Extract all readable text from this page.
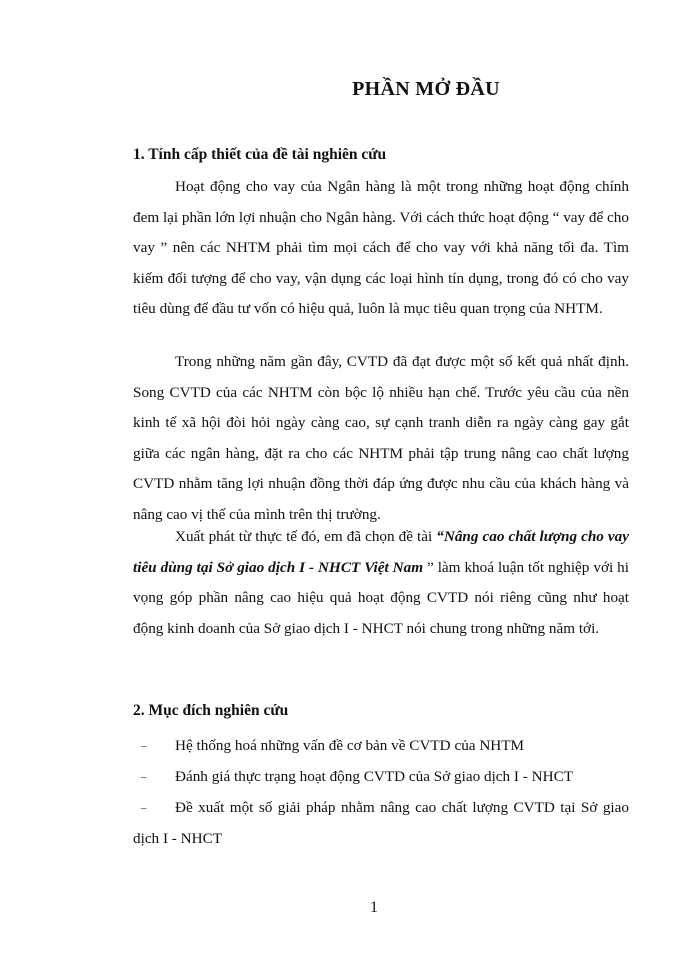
PHẦN MỞ ĐẦU
1. Tính cấp thiết của đề tài nghiên cứu

Hoạt động cho vay của Ngân hàng là một trong những hoạt động chính đem lại phần lớn lợi nhuận cho Ngân hàng. Với cách thức hoạt động “ vay để cho vay ” nên các NHTM phải tìm mọi cách để cho vay với khả năng tối đa. Tìm kiếm đối tượng để cho vay, vận dụng các loại hình tín dụng, trong đó có cho vay tiêu dùng để đầu tư vốn có hiệu quả, luôn là mục tiêu quan trọng của NHTM.

Trong những năm gần đây, CVTD đã đạt được một số kết quả nhất định. Song CVTD của các NHTM còn bộc lộ nhiều hạn chế. Trước yêu cầu của nền kinh tế xã hội đòi hỏi ngày càng cao, sự cạnh tranh diễn ra ngày càng gay gắt giữa các ngân hàng, đặt ra cho các NHTM phải tập trung nâng cao chất lượng CVTD nhằm tăng lợi nhuận đồng thời đáp ứng được nhu cầu của khách hàng và nâng cao vị thế của mình trên thị trường.

Xuất phát từ thực tế đó, em đã chọn đề tài “Nâng cao chất lượng cho vay tiêu dùng tại Sở giao dịch I - NHCT Việt Nam ” làm khoá luận tốt nghiệp với hi vọng góp phần nâng cao hiệu quả hoạt động CVTD nói riêng cũng như hoạt động kinh doanh của Sở giao dịch I - NHCT nói chung trong những năm tới.

2. Mục đích nghiên cứu
–	Hệ thống hoá những vấn đề cơ bản về CVTD của NHTM
–	Đánh giá thực trạng hoạt động CVTD của Sở giao dịch I - NHCT
–	Đề xuất một số giải pháp nhằm nâng cao chất lượng CVTD tại Sở giao dịch I - NHCT
1
